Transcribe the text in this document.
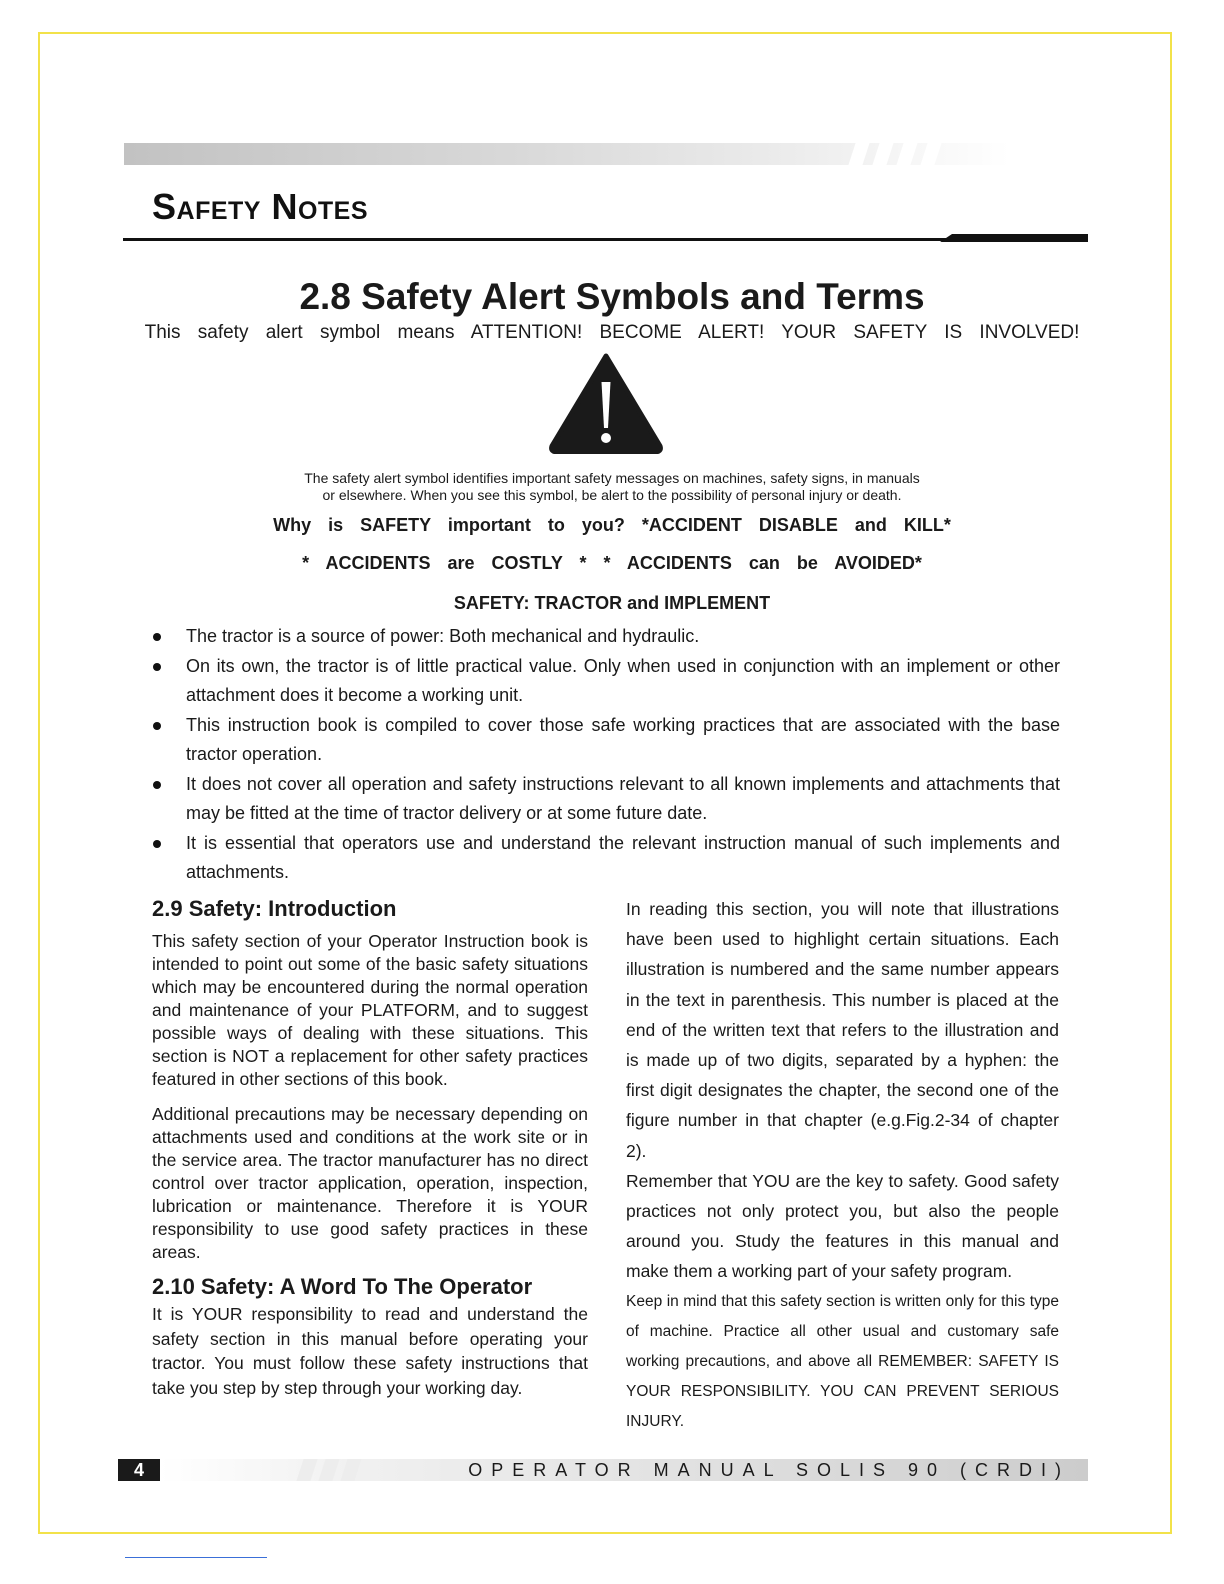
Safety Notes
2.8 Safety Alert Symbols and Terms
This safety alert symbol means ATTENTION! BECOME ALERT! YOUR SAFETY IS INVOLVED!
The safety alert symbol identifies important safety messages on machines, safety signs, in manuals
or elsewhere. When you see this symbol, be alert to the possibility of personal injury or death.
Why is SAFETY important to you? *ACCIDENT DISABLE and KILL*
* ACCIDENTS are COSTLY * * ACCIDENTS can be AVOIDED*
SAFETY: TRACTOR and IMPLEMENT
The tractor is a source of power: Both mechanical and hydraulic.
On its own, the tractor is of little practical value. Only when used in conjunction with an implement or other attachment does it become a working unit.
This instruction book is compiled to cover those safe working practices that are associated with the base tractor operation.
It does not cover all operation and safety instructions relevant to all known implements and attachments that may be fitted at the time of tractor delivery or at some future date.
It is essential that operators use and understand the relevant instruction manual of such implements and attachments.
2.9 Safety: Introduction

This safety section of your Operator Instruction book is intended to point out some of the basic safety situations which may be encountered during the normal operation and maintenance of your PLATFORM, and to suggest possible ways of dealing with these situations. This section is NOT a replacement for other safety practices featured in other sections of this book.

Additional precautions may be necessary depending on attachments used and conditions at the work site or in the service area. The tractor manufacturer has no direct control over tractor application, operation, inspection, lubrication or maintenance. Therefore it is YOUR responsibility to use good safety practices in these areas.

2.10 Safety: A Word To The Operator

It is YOUR responsibility to read and understand the safety section in this manual before operating your tractor. You must follow these safety instructions that take you step by step through your working day.

In reading this section, you will note that illustrations have been used to highlight certain situations. Each illustration is numbered and the same number appears in the text in parenthesis. This number is placed at the end of the written text that refers to the illustration and is made up of two digits, separated by a hyphen: the first digit designates the chapter, the second one of the figure number in that chapter (e.g.Fig.2-34 of chapter 2).

Remember that YOU are the key to safety. Good safety practices not only protect you, but also the people around you. Study the features in this manual and make them a working part of your safety program.

Keep in mind that this safety section is written only for this type of machine. Practice all other usual and customary safe working precautions, and above all REMEMBER: SAFETY IS YOUR RESPONSIBILITY. YOU CAN PREVENT SERIOUS INJURY.

4	OPERATOR MANUAL SOLIS 90 (CRDI)
